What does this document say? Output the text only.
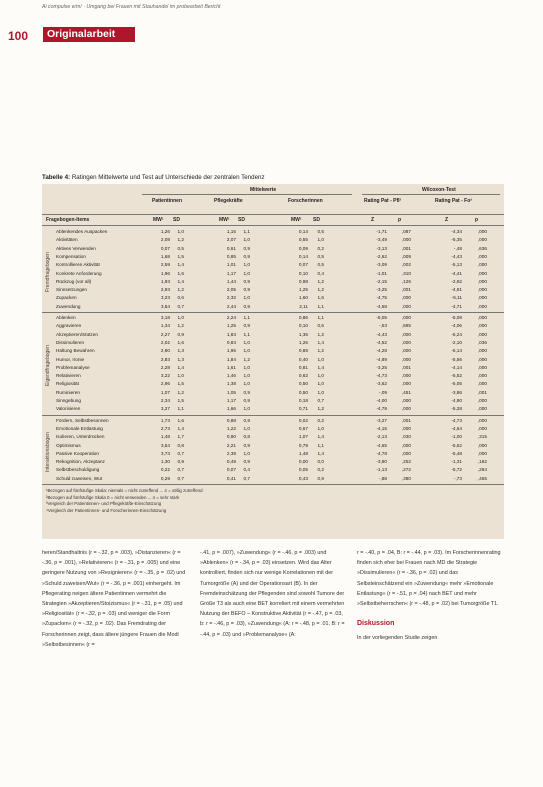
Ai compulse e/m/ · Umgang bei Frauen mit Stauhandel im probearbeit Bericht
100	Originalarbeit
Tabelle 4: Ratingen Mittelwerte und Test auf Unterschiede der zentralen Tendenz
Mittelwerte	Wilcoxon-Test
Patientinnen	Pflegekräfte	Forscherinnen	Rating Pat - Pfl²	Rating Pat - Fo³
Fragebogen-Items	MW¹ SD	MW¹ SD	MW¹ SD	Z	p	Z	p
Ablenkendes Auspacken	1,26 1,0	1,15 1,1	0,14 0,5	-1,71	,087	-4,34	,000
Aktivitäten	2,08 1,2	2,07 1,0	0,55 1,0	-3,49	,000	-5,35	,000
Aktives Verwenden	0,07 0,5	0,61 0,9	0,09 0,2	-3,13	,001	-,48	,636
Kompensation	1,68 1,5	0,85 0,9	0,14 0,5	-2,62	,009	-4,43	,000
Kontrollieren Aktivität	2,59 1,4	1,01 1,0	0,07 0,5	-3,09	,002	-5,13	,000
Konkrete Anforderung	1,96 1,6	1,17 1,0	0,10 0,4	-1,01	,310	-4,41	,000
Rückzug (vor all)	1,93 1,4	1,44 0,9	0,98 1,2	-2,15	,126	-2,92	,000
Sinnsetzungen	2,93 1,2	2,05 0,9	1,25 1,2	-3,25	,001	-4,91	,000
Zupacken	3,23 0,6	2,32 1,0	1,60 1,6	-4,75	,000	-5,11	,000
Zuwendung	3,54 0,7	2,44 0,9	2,11 1,1	-4,58	,000	-4,71	,000
Fremdfragebogen
Ablenken	3,18 1,0	2,24 1,1	0,86 1,1	-5,05	,000	-5,08	,000
Aggravieren	1,34 1,2	1,25 0,9	0,10 0,6	-,53	,595	-4,06	,000
Akzeptieren/Stützen	2,27 0,9	1,83 1,1	1,36 1,2	-4,43	,000	-5,24	,000
Dissimulieren	2,02 1,6	0,83 1,0	1,26 1,4	-4,52	,000	-2,10	,036
Haltung Bewahren	2,90 1,3	1,96 1,0	0,89 1,2	-4,28	,000	-5,14	,000
Humor, Ironie	2,83 1,3	1,84 1,2	0,40 1,0	-4,89	,000	-5,56	,000
Problemanalyse	2,28 1,4	1,61 1,0	0,81 1,4	-3,25	,001	-4,14	,000
Relativieren	3,22 1,0	1,46 1,0	0,62 1,0	-4,73	,000	-5,52	,000
Religiosität	2,96 1,5	1,38 1,0	0,50 1,0	-3,62	,000	-5,05	,000
Ruminieren	1,07 1,2	1,05 0,9	0,50 1,0	-,09	,451	-3,86	,001
Sinngebung	2,34 1,5	1,17 0,9	0,18 0,7	-4,00	,000	-4,90	,000
Valorisieren	3,27 1,1	1,66 1,0	0,71 1,2	-4,78	,000	-5,28	,000
Eigendfragebogen
Fördern, Selbstbesonnen	1,73 1,6	0,88 0,9	0,02 0,2	-3,27	,001	-4,73	,000
Emotionale Entlastung	2,73 1,4	1,22 1,0	0,67 1,0	-4,15	,000	-4,64	,000
Isolieren, Unterdrücken	1,48 1,7	0,90 0,8	1,07 1,4	-2,13	,030	-1,00	,315
Optimismus	3,54 0,8	2,21 0,9	0,79 1,1	-4,65	,000	-5,52	,000
Passive Kooperation	3,73 0,7	2,39 1,0	1,48 1,4	-4,78	,000	-5,48	,000
Rekognition, Akzeptanz	1,30 0,9	0,49 0,9	0,00 0,0	-3,90	,252	-1,31	,182
Selbstbeschuldigung	0,22 0,7	0,07 0,4	0,05 0,2	-1,13	,272	-5,72	,284
Schuld zuweisen, Wut	0,29 0,7	0,41 0,7	0,43 0,9	-,88	,380	-,73	,465
Interaktionsbogen
¹Bezogen auf fünfstufige Skala: niemals = nicht zutreffend ... 4 = völlig zutreffend
²Bezogen auf fünfstufige Skala 0 = nicht verwenden ... 4 = sehr stark
³Vergleich der Patientinnen- und Pflegekräfte-Einschätzung
⁴Vergleich der Patientinnen- und Forscherinnen-Einschätzung

heren/Standhaltnis (r = -.32, p = .003), »Distanzieren« (r = -.36, p = .001), »Relativieren« (r = -.31, p = .005) und eine geringere Nutzung von »Resignieren« (r = -.35, p = .02) und »Schuld zuweisen/Wut« (r = -.36, p = .001) einhergeht. Im Pflegerating neigen ältere Patientinnen vermehrt die Strategien »Akzeptieren/Stoizismus« (r = -.31, p = .05) und »Religiosität« (r = -.32, p = .03) und weniger die Form »Zupacken« (r = -.32, p = .02). Das Fremdrating der Forscherinnen zeigt, dass ältere jüngere Frauen die Modi »Selbstbesinnen« (r =

-.41, p = .007), »Zuwendung« (r = -.46, p = .003) und »Ablenken« (r = -.34, p = .03) einsetzen. Wird das Alter kontrolliert, finden sich nur wenige Korrelationen mit der Tumorgröße (A) und der Operationsart (B). In der Fremdeinschätzung der Pflegenden sind sowohl Tumore der Größe T3 als auch eine BET korreliert mit einem vermehrten Nutzung der BEFO – Konstruktive Aktivität (r = -.47, p = .03, b: r = -.46, p = .03), »Zuwendung« (A: r = -.48, p = .01, B: r = -.44, p = .03) und »Problemanalyse« (A:

r = -.40, p = .04, B: r = -.44, p = .03). Im Forscherinnenrating finden sich eher bei Frauen nach MD die Strategie »Dissimulieren« (r = -.36, p = .02) und das Selbsteinschätzend ein »Zuwendung« mehr »Emotionale Entlastung« (r = -.51, p = .04) nach BET und mehr »Selbstbeherrschen« (r = -.48, p = .02) bei Tumorgröße T1.

Diskussion

In der vorliegenden Studie zeigen
